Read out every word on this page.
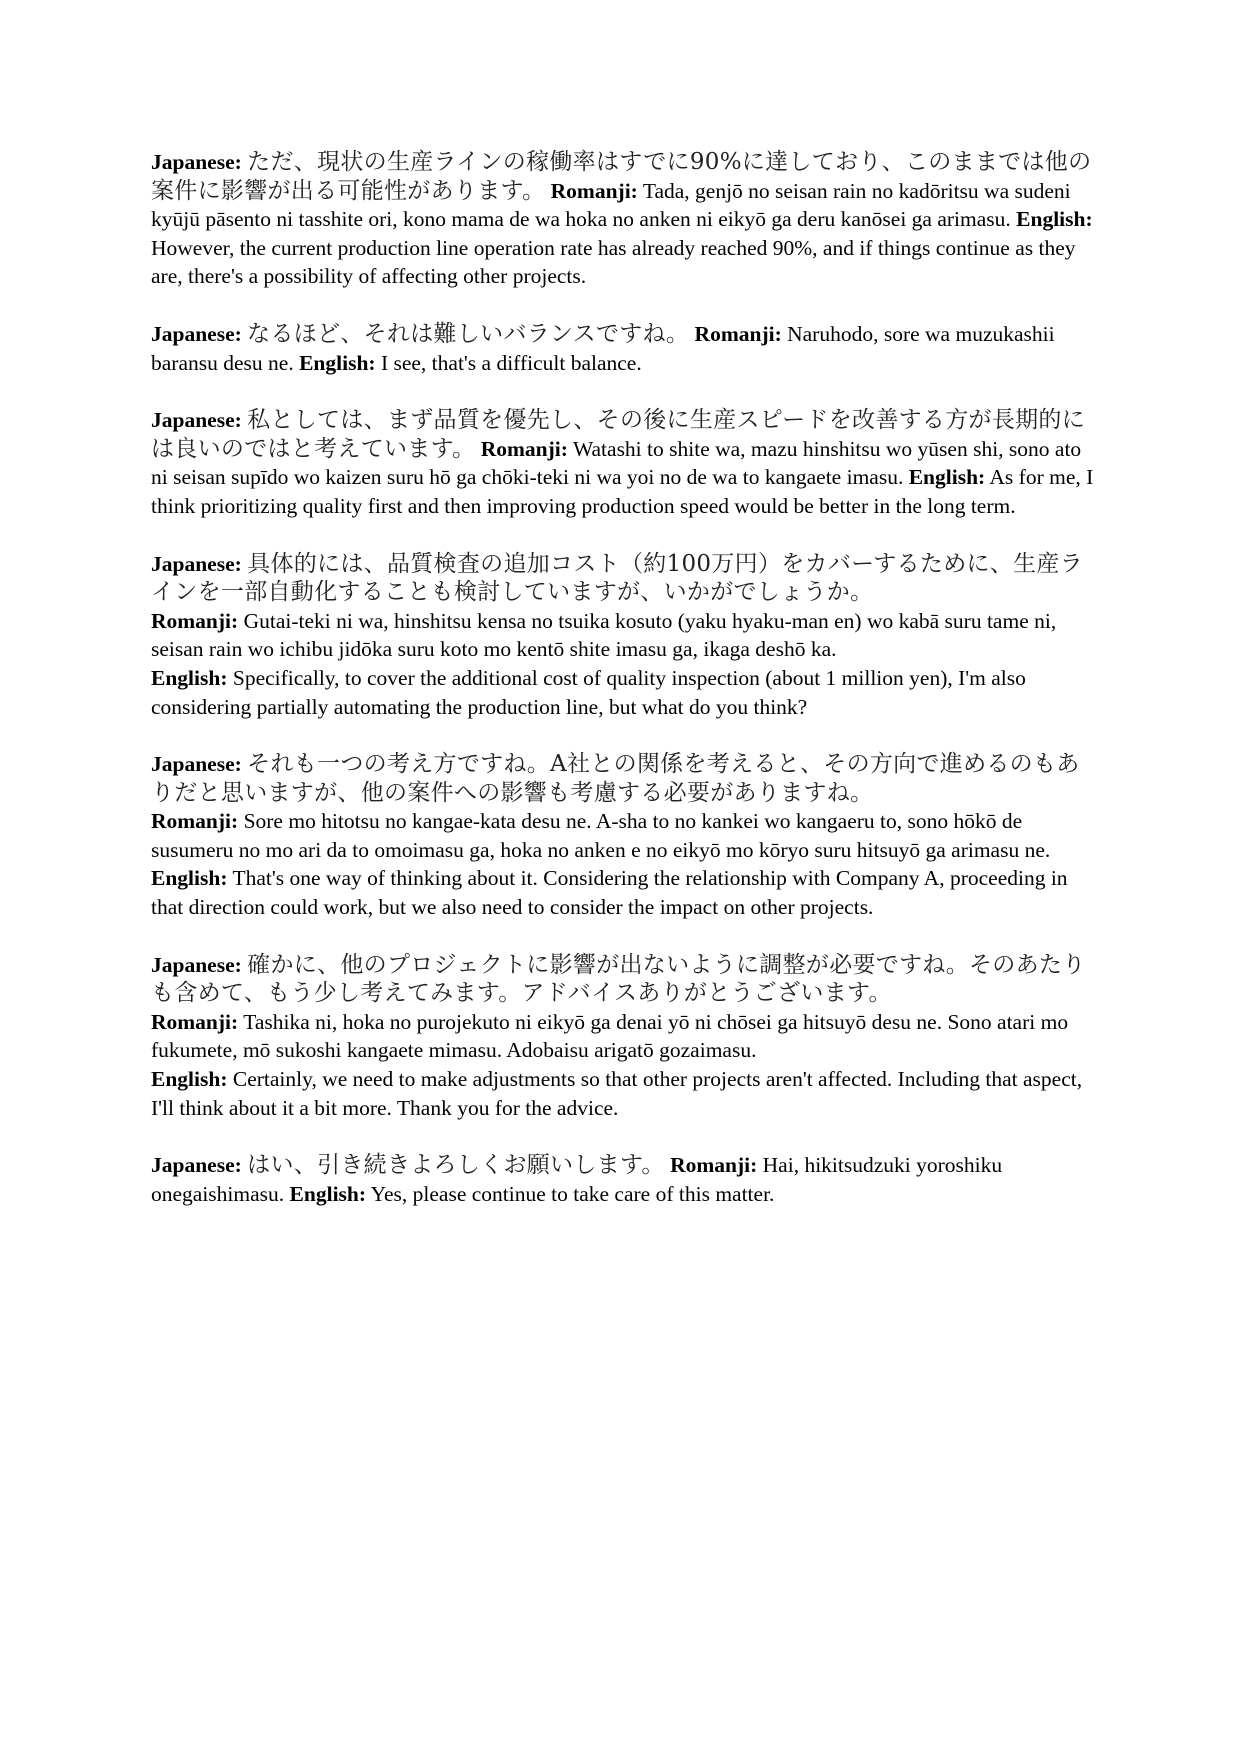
Japanese: ただ、現状の生産ラインの稼働率はすでに90%に達しており、このままでは他の案件に影響が出る可能性があります。 Romanji: Tada, genjō no seisan rain no kadōritsu wa sudeni kyūjū pāsento ni tasshite ori, kono mama de wa hoka no anken ni eikyō ga deru kanōsei ga arimasu. English: However, the current production line operation rate has already reached 90%, and if things continue as they are, there's a possibility of affecting other projects.

Japanese: なるほど、それは難しいバランスですね。 Romanji: Naruhodo, sore wa muzukashii baransu desu ne. English: I see, that's a difficult balance.

Japanese: 私としては、まず品質を優先し、その後に生産スピードを改善する方が長期的には良いのではと考えています。 Romanji: Watashi to shite wa, mazu hinshitsu wo yūsen shi, sono ato ni seisan supīdo wo kaizen suru hō ga chōki-teki ni wa yoi no de wa to kangaete imasu. English: As for me, I think prioritizing quality first and then improving production speed would be better in the long term.

Japanese: 具体的には、品質検査の追加コスト（約100万円）をカバーするために、生産ラインを一部自動化することも検討していますが、いかがでしょうか。
Romanji: Gutai-teki ni wa, hinshitsu kensa no tsuika kosuto (yaku hyaku-man en) wo kabā suru tame ni, seisan rain wo ichibu jidōka suru koto mo kentō shite imasu ga, ikaga deshō ka.
English: Specifically, to cover the additional cost of quality inspection (about 1 million yen), I'm also considering partially automating the production line, but what do you think?

Japanese: それも一つの考え方ですね。A社との関係を考えると、その方向で進めるのもありだと思いますが、他の案件への影響も考慮する必要がありますね。
Romanji: Sore mo hitotsu no kangae-kata desu ne. A-sha to no kankei wo kangaeru to, sono hōkō de susumeru no mo ari da to omoimasu ga, hoka no anken e no eikyō mo kōryo suru hitsuyō ga arimasu ne. English: That's one way of thinking about it. Considering the relationship with Company A, proceeding in that direction could work, but we also need to consider the impact on other projects.

Japanese: 確かに、他のプロジェクトに影響が出ないように調整が必要ですね。そのあたりも含めて、もう少し考えてみます。アドバイスありがとうございます。
Romanji: Tashika ni, hoka no purojekuto ni eikyō ga denai yō ni chōsei ga hitsuyō desu ne. Sono atari mo fukumete, mō sukoshi kangaete mimasu. Adobaisu arigatō gozaimasu.
English: Certainly, we need to make adjustments so that other projects aren't affected. Including that aspect, I'll think about it a bit more. Thank you for the advice.

Japanese: はい、引き続きよろしくお願いします。 Romanji: Hai, hikitsudzuki yoroshiku onegaishimasu. English: Yes, please continue to take care of this matter.
